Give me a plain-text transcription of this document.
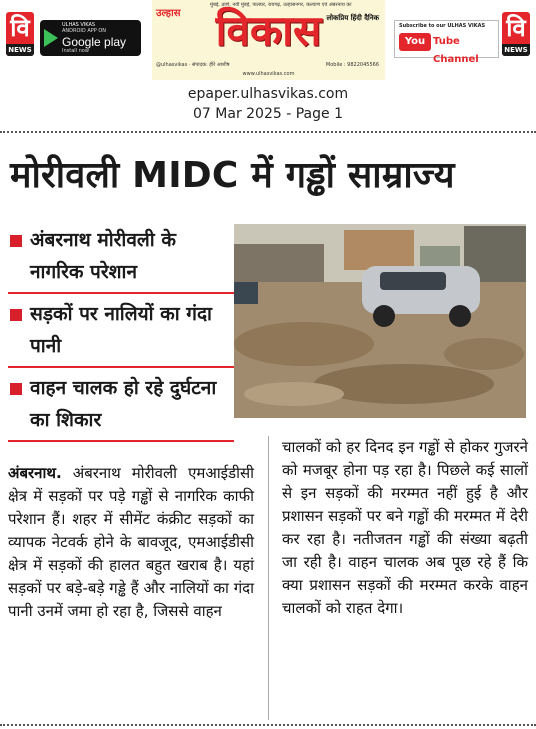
वि
NEWS
ULHAS VIKAS
ANDROID APP ON
Google play
Install now
मुंबई, ठाणे, नवी मुंबई, पालघर, रायगढ़, उल्हासनगर, कल्याण एवं अंबरनाथ का
उल्हास विकास लोकप्रिय हिंदी दैनिक
@ulhasvikas · संपादक: हीरे आशीष	Mobile : 9822045566
www.ulhasvikas.com
Subscribe to our ULHAS VIKAS
You Tube Channel
वि
NEWS
epaper.ulhasvikas.com
07 Mar 2025 - Page 1
मोरीवली MIDC में गड्ढों साम्राज्य
अंबरनाथ मोरीवली के नागरिक परेशान
सड़कों पर नालियों का गंदा पानी
वाहन चालक हो रहे दुर्घटना का शिकार
अंबरनाथ. अंबरनाथ मोरीवली एमआईडीसी क्षेत्र में सड़कों पर पड़े गड्ढों से नागरिक काफी परेशान हैं। शहर में सीमेंट कंक्रीट सड़कों का व्यापक नेटवर्क होने के बावजूद, एमआईडीसी क्षेत्र में सड़कों की हालत बहुत खराब है। यहां सड़कों पर बड़े-बड़े गड्ढे हैं और नालियों का गंदा पानी उनमें जमा हो रहा है, जिससे वाहन
चालकों को हर दिनद इन गड्ढों से होकर गुजरने को मजबूर होना पड़ रहा है। पिछले कई सालों से इन सड़कों की मरम्मत नहीं हुई है और प्रशासन सड़कों पर बने गड्ढों की मरम्मत में देरी कर रहा है। नतीजतन गड्ढों की संख्या बढ़ती जा रही है। वाहन चालक अब पूछ रहे हैं कि क्या प्रशासन सड़कों की मरम्मत करके वाहन चालकों को राहत देगा।
